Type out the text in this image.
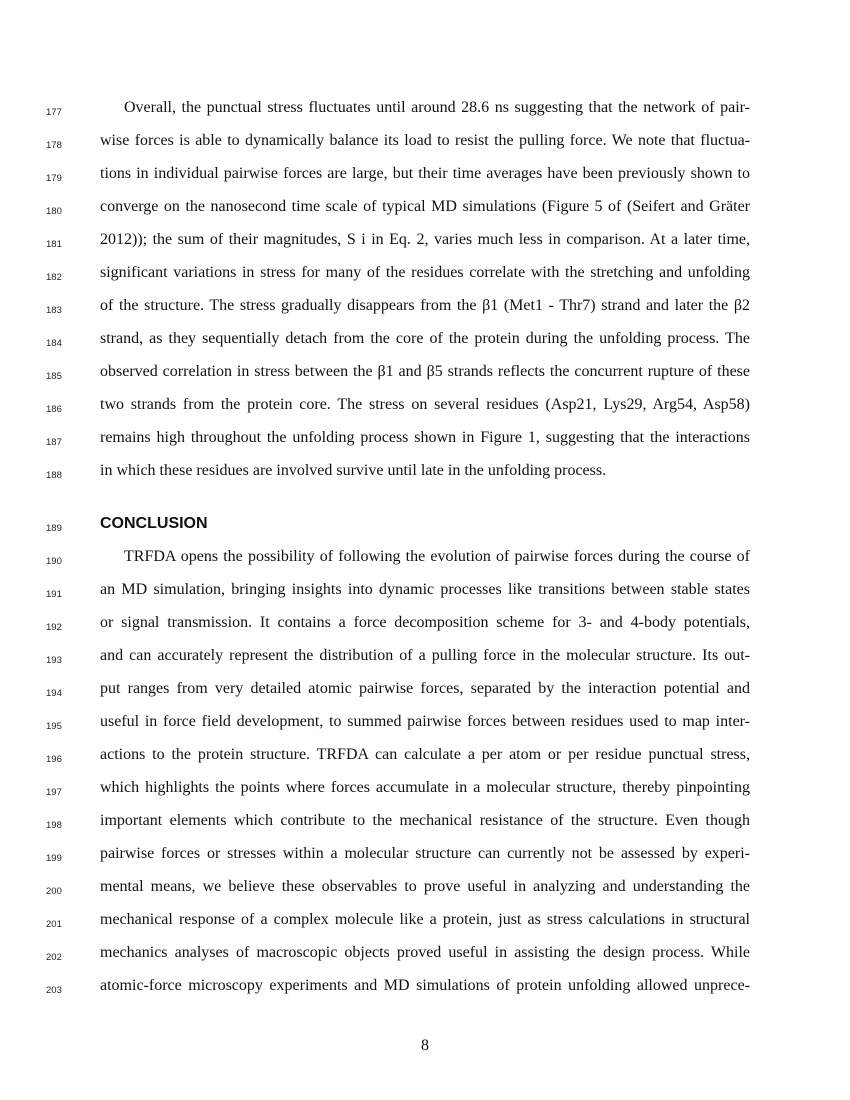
177	Overall, the punctual stress fluctuates until around 28.6 ns suggesting that the network of pair-
178	wise forces is able to dynamically balance its load to resist the pulling force. We note that fluctua-
179	tions in individual pairwise forces are large, but their time averages have been previously shown to
180	converge on the nanosecond time scale of typical MD simulations (Figure 5 of (Seifert and Gräter
181	2012)); the sum of their magnitudes, S i in Eq. 2, varies much less in comparison. At a later time,
182	significant variations in stress for many of the residues correlate with the stretching and unfolding
183	of the structure. The stress gradually disappears from the β1 (Met1 - Thr7) strand and later the β2
184	strand, as they sequentially detach from the core of the protein during the unfolding process. The
185	observed correlation in stress between the β1 and β5 strands reflects the concurrent rupture of these
186	two strands from the protein core. The stress on several residues (Asp21, Lys29, Arg54, Asp58)
187	remains high throughout the unfolding process shown in Figure 1, suggesting that the interactions
188	in which these residues are involved survive until late in the unfolding process.
189	CONCLUSION
190	TRFDA opens the possibility of following the evolution of pairwise forces during the course of
191	an MD simulation, bringing insights into dynamic processes like transitions between stable states
192	or signal transmission. It contains a force decomposition scheme for 3- and 4-body potentials,
193	and can accurately represent the distribution of a pulling force in the molecular structure. Its out-
194	put ranges from very detailed atomic pairwise forces, separated by the interaction potential and
195	useful in force field development, to summed pairwise forces between residues used to map inter-
196	actions to the protein structure. TRFDA can calculate a per atom or per residue punctual stress,
197	which highlights the points where forces accumulate in a molecular structure, thereby pinpointing
198	important elements which contribute to the mechanical resistance of the structure. Even though
199	pairwise forces or stresses within a molecular structure can currently not be assessed by experi-
200	mental means, we believe these observables to prove useful in analyzing and understanding the
201	mechanical response of a complex molecule like a protein, just as stress calculations in structural
202	mechanics analyses of macroscopic objects proved useful in assisting the design process. While
203	atomic-force microscopy experiments and MD simulations of protein unfolding allowed unprece-
8
